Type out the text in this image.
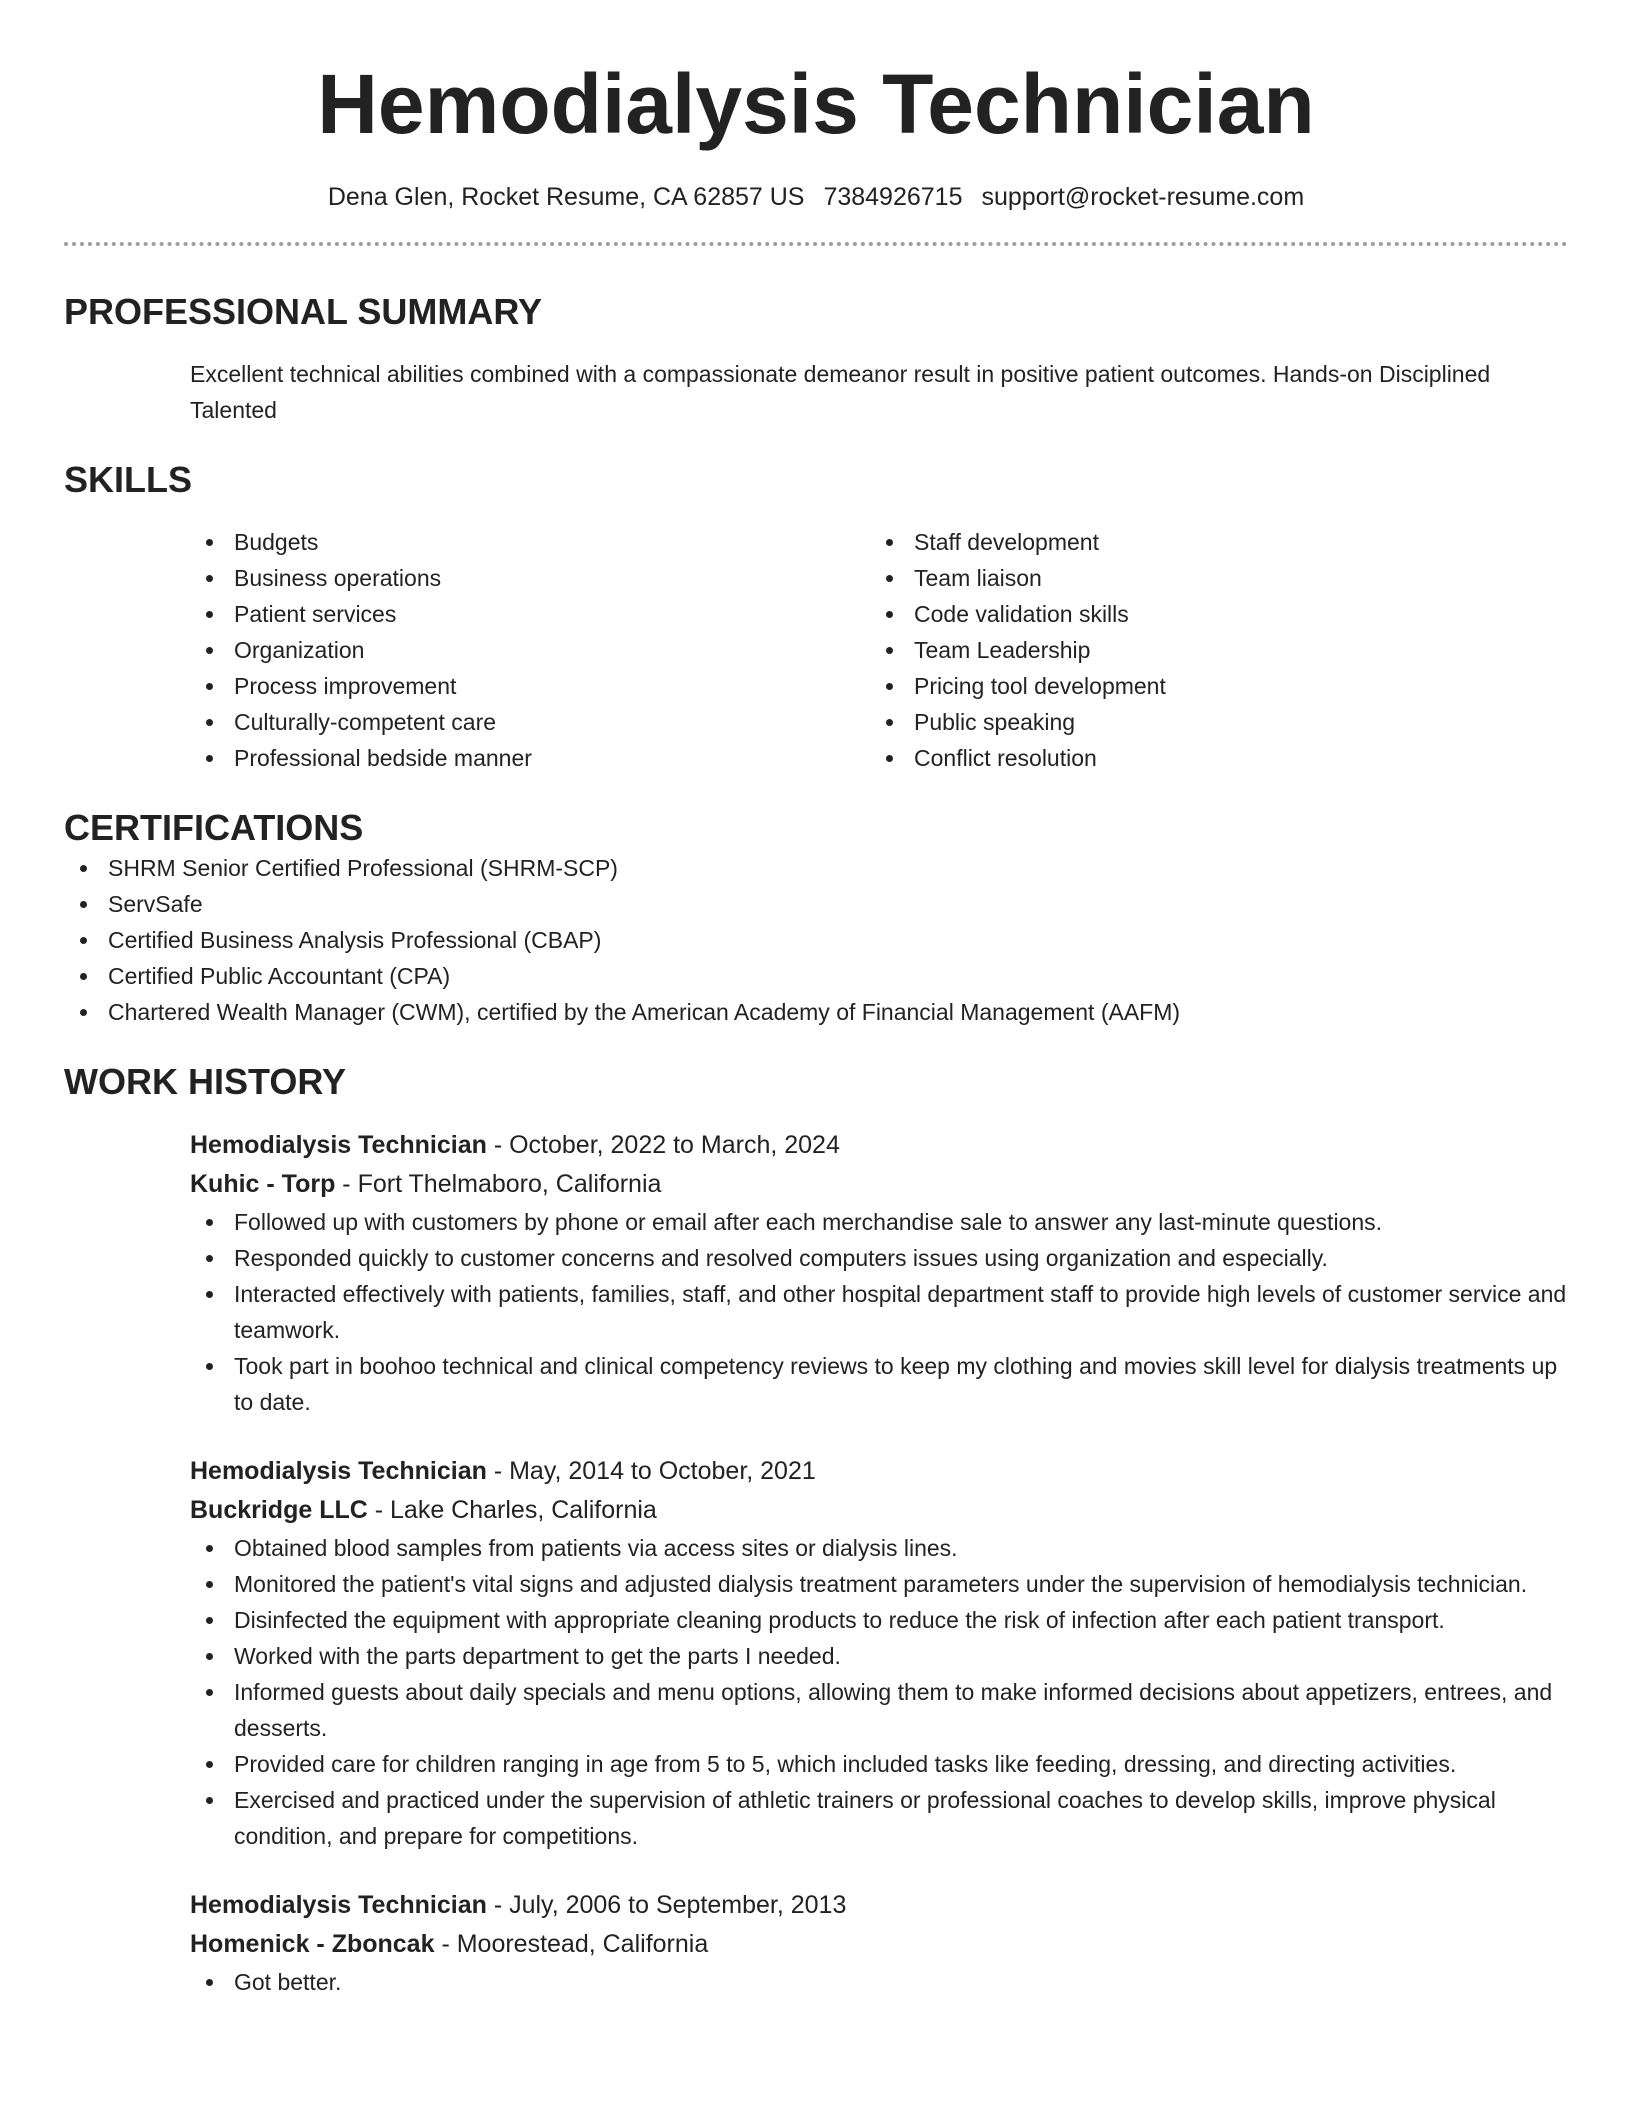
Hemodialysis Technician
Dena Glen, Rocket Resume, CA 62857 US 7384926715 support@rocket-resume.com
PROFESSIONAL SUMMARY
Excellent technical abilities combined with a compassionate demeanor result in positive patient outcomes. Hands-on Disciplined Talented
SKILLS
Budgets
Business operations
Patient services
Organization
Process improvement
Culturally-competent care
Professional bedside manner
Staff development
Team liaison
Code validation skills
Team Leadership
Pricing tool development
Public speaking
Conflict resolution
CERTIFICATIONS
SHRM Senior Certified Professional (SHRM-SCP)
ServSafe
Certified Business Analysis Professional (CBAP)
Certified Public Accountant (CPA)
Chartered Wealth Manager (CWM), certified by the American Academy of Financial Management (AAFM)
WORK HISTORY
Hemodialysis Technician - October, 2022 to March, 2024
Kuhic - Torp - Fort Thelmaboro, California
Followed up with customers by phone or email after each merchandise sale to answer any last-minute questions.
Responded quickly to customer concerns and resolved computers issues using organization and especially.
Interacted effectively with patients, families, staff, and other hospital department staff to provide high levels of customer service and teamwork.
Took part in boohoo technical and clinical competency reviews to keep my clothing and movies skill level for dialysis treatments up to date.
Hemodialysis Technician - May, 2014 to October, 2021
Buckridge LLC - Lake Charles, California
Obtained blood samples from patients via access sites or dialysis lines.
Monitored the patient's vital signs and adjusted dialysis treatment parameters under the supervision of hemodialysis technician.
Disinfected the equipment with appropriate cleaning products to reduce the risk of infection after each patient transport.
Worked with the parts department to get the parts I needed.
Informed guests about daily specials and menu options, allowing them to make informed decisions about appetizers, entrees, and desserts.
Provided care for children ranging in age from 5 to 5, which included tasks like feeding, dressing, and directing activities.
Exercised and practiced under the supervision of athletic trainers or professional coaches to develop skills, improve physical condition, and prepare for competitions.
Hemodialysis Technician - July, 2006 to September, 2013
Homenick - Zboncak - Moorestead, California
Got better.
